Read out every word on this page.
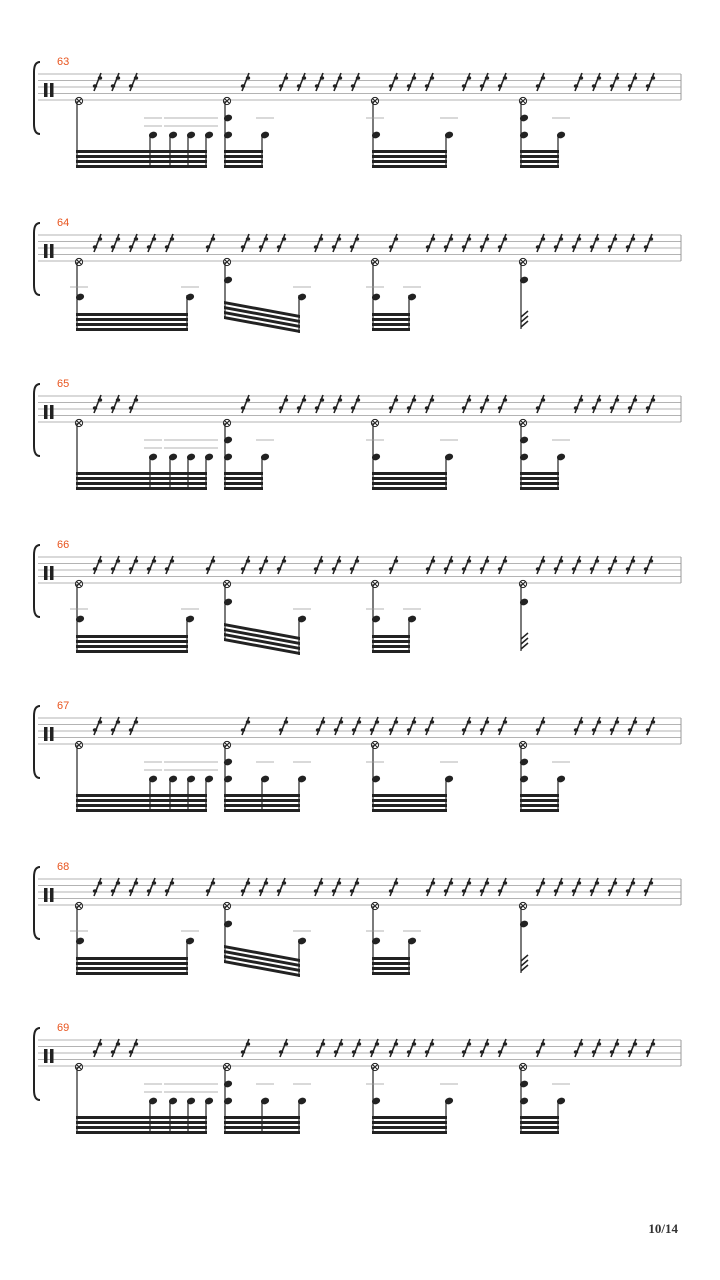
63
64
65
66
67
68
69
10/14
